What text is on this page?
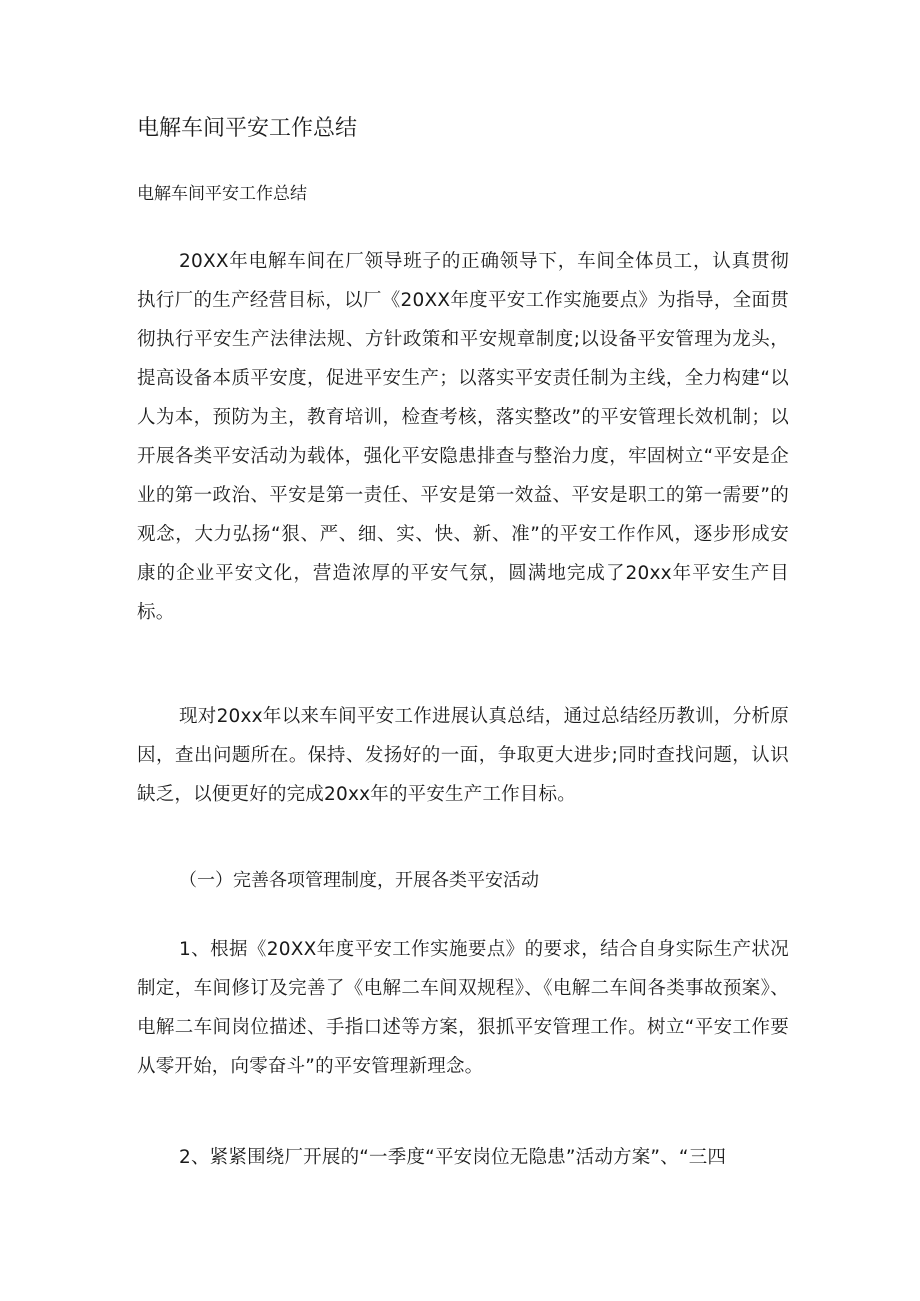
电解车间平安工作总结
电解车间平安工作总结

20XX年电解车间在厂领导班子的正确领导下，车间全体员工，认真贯彻执行厂的生产经营目标，以厂《20XX年度平安工作实施要点》为指导，全面贯彻执行平安生产法律法规、方针政策和平安规章制度;以设备平安管理为龙头，提高设备本质平安度，促进平安生产；以落实平安责任制为主线，全力构建“以人为本，预防为主，教育培训，检查考核，落实整改”的平安管理长效机制；以开展各类平安活动为载体，强化平安隐患排查与整治力度，牢固树立“平安是企业的第一政治、平安是第一责任、平安是第一效益、平安是职工的第一需要”的观念，大力弘扬“狠、严、细、实、快、新、准”的平安工作作风，逐步形成安康的企业平安文化，营造浓厚的平安气氛，圆满地完成了20xx年平安生产目标。

现对20xx年以来车间平安工作进展认真总结，通过总结经历教训，分析原因，查出问题所在。保持、发扬好的一面，争取更大进步;同时查找问题，认识缺乏，以便更好的完成20xx年的平安生产工作目标。

（一）完善各项管理制度，开展各类平安活动

1、根据《20XX年度平安工作实施要点》的要求，结合自身实际生产状况制定，车间修订及完善了《电解二车间双规程》、《电解二车间各类事故预案》、电解二车间岗位描述、手指口述等方案，狠抓平安管理工作。树立“平安工作要从零开始，向零奋斗”的平安管理新理念。

2、紧紧围绕厂开展的“一季度“平安岗位无隐患”活动方案”、“三四
